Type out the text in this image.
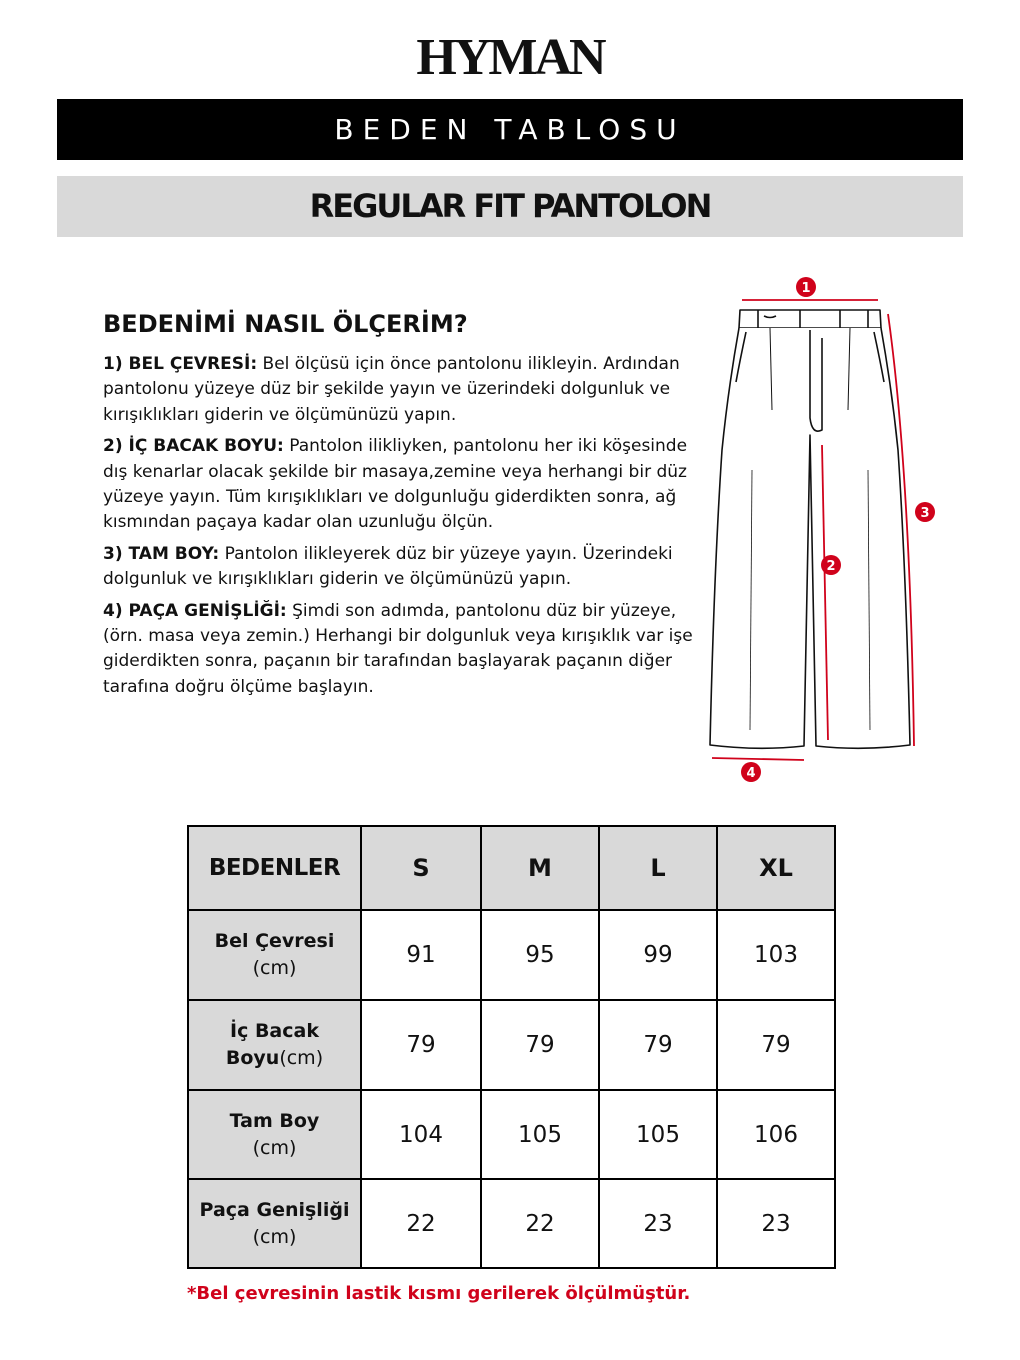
HYMAN
BEDEN TABLOSU
REGULAR FIT PANTOLON
BEDENİMİ NASIL ÖLÇERİM?

1) BEL ÇEVRESİ: Bel ölçüsü için önce pantolonu ilikleyin. Ardından pantolonu yüzeye düz bir şekilde yayın ve üzerindeki dolgunluk ve kırışıklıkları giderin ve ölçümünüzü yapın.

2) İÇ BACAK BOYU: Pantolon ilikliyken, pantolonu her iki köşesinde dış kenarlar olacak şekilde bir masaya,zemine veya herhangi bir düz yüzeye yayın. Tüm kırışıklıkları ve dolgunluğu giderdikten sonra, ağ kısmından paçaya kadar olan uzunluğu ölçün.

3) TAM BOY: Pantolon ilikleyerek düz bir yüzeye yayın. Üzerindeki dolgunluk ve kırışıklıkları giderin ve ölçümünüzü yapın.

4) PAÇA GENİŞLİĞİ: Şimdi son adımda, pantolonu düz bir yüzeye, (örn. masa veya zemin.) Herhangi bir dolgunluk veya kırışıklık var işe giderdikten sonra, paçanın bir tarafından başlayarak paçanın diğer tarafına doğru ölçüme başlayın.

1
2
3
4
BEDENLER	S	M	L	XL
Bel Çevresi
(cm)	91	95	99	103
İç Bacak Boyu(cm)	79	79	79	79
Tam Boy
(cm)	104	105	105	106
Paça Genişliği
(cm)	22	22	23	23
*Bel çevresinin lastik kısmı gerilerek ölçülmüştür.
